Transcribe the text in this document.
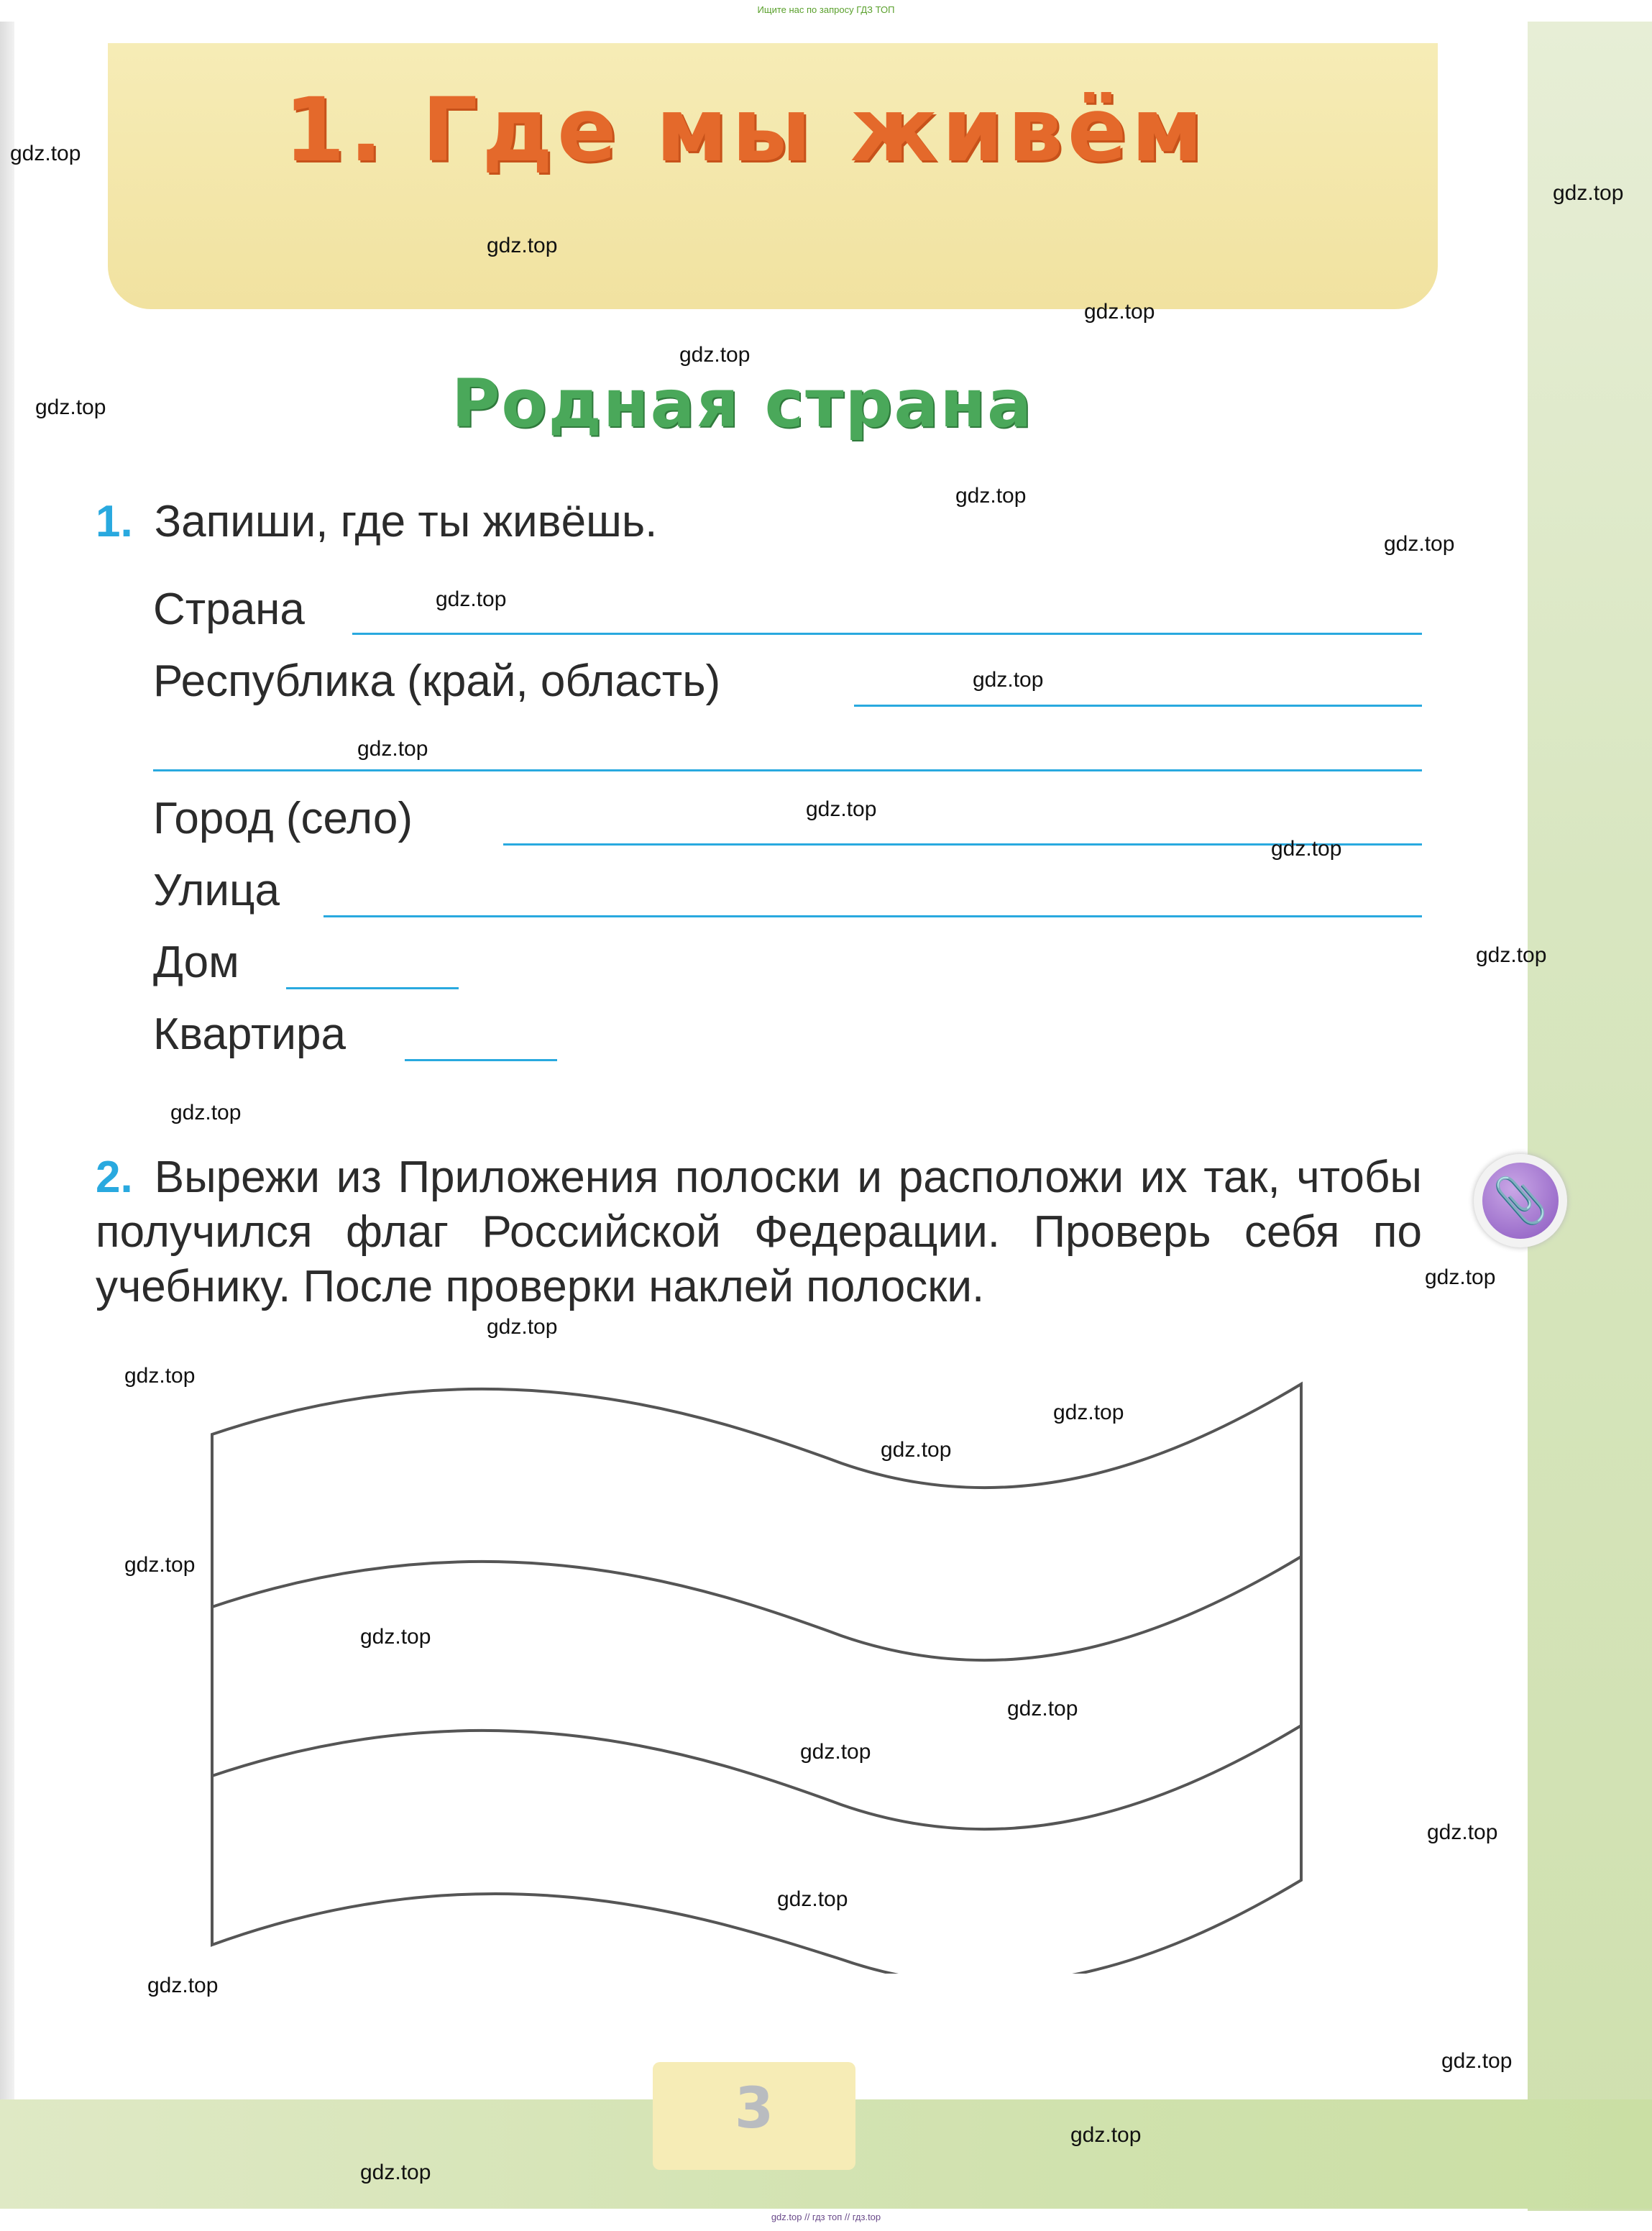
Ищите нас по запросу ГДЗ ТОП
1. Где мы живём
Родная страна

1. Запиши, где ты живёшь.

Страна
Республика (край, область)
Город (село)
Улица
Дом
Квартира

2. Вырежи из Приложения полоски и расположи их так, чтобы получился флаг Российской Федерации. Проверь себя по учебнику. После проверки наклей полоски.

📎
3
gdz.top // гдз топ // гдз.top
gdz.top
gdz.top
gdz.top
gdz.top
gdz.top
gdz.top
gdz.top
gdz.top
gdz.top
gdz.top
gdz.top
gdz.top
gdz.top
gdz.top
gdz.top
gdz.top
gdz.top
gdz.top
gdz.top
gdz.top
gdz.top
gdz.top
gdz.top
gdz.top
gdz.top
gdz.top
gdz.top
gdz.top
gdz.top
gdz.top
